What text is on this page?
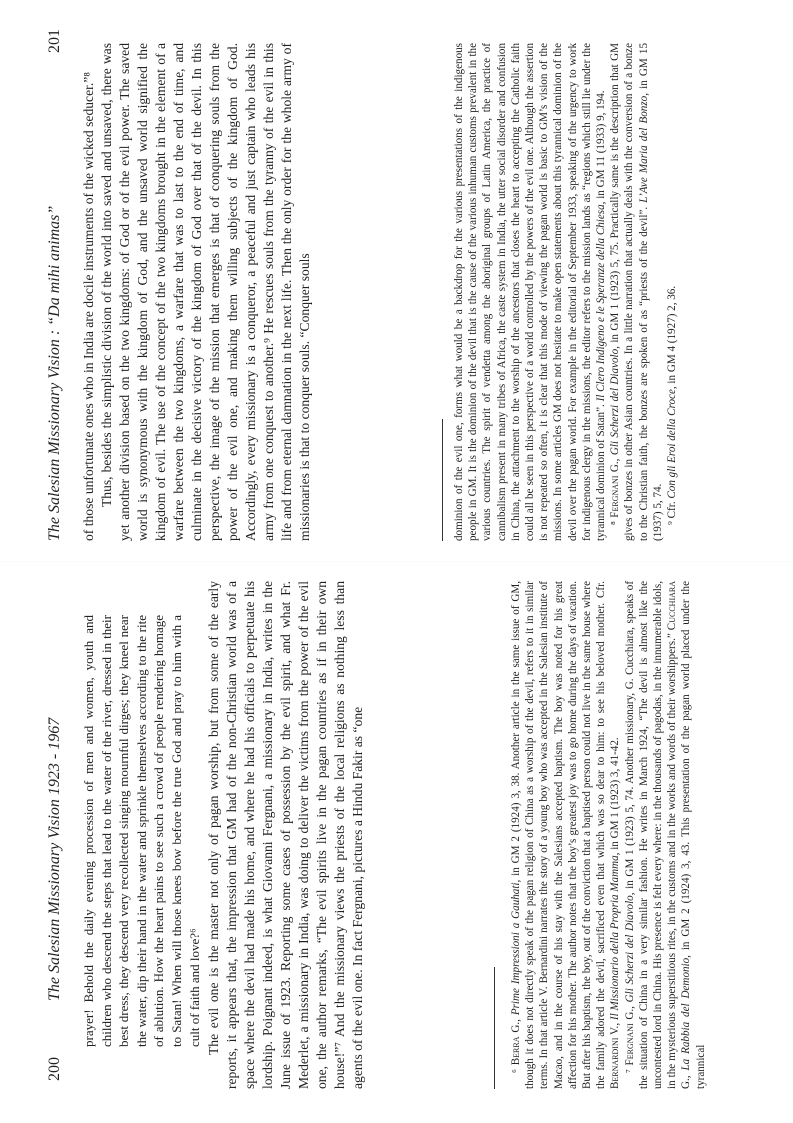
200
The Salesian Missionary Vision 1923 - 1967 prayer! Behold the daily evening procession of men and women, youth and children who descend the steps that lead to the water of the river, dressed in their best dress, they descend very recollected singing mournful dirges; they kneel near the water, dip their hand in the water and sprinkle themselves according to the rite of ablution. How the heart pains to see such a crowd of people rendering homage to Satan! When will those knees bow before the true God and pray to him with a cult of faith and love?⁶ The evil one is the master not only of pagan worship, but from some of the early reports, it appears that, the impression that GM had of the non-Christian world was of a space where the devil had made his home, and where he had his officials to perpetuate his lordship. Poignant indeed, is what Giovanni Fergnani, a missionary in India, writes in the June issue of 1923. Reporting some cases of possession by the evil spirit, and what Fr. Mederlet, a missionary in India, was doing to deliver the victims from the power of the evil one, the author remarks, “The evil spirits live in the pagan countries as if in their own house!”⁷ And the missionary views the priests of the local religions as nothing less than agents of the evil one. In fact Fergnani, pictures a Hindu Fakir as “one	⁶ Berra G., Prime Impressioni a Gauhati, in GM 2 (1924) 3, 38. Another article in the same issue of GM, though it does not directly speak of the pagan religion of China as a worship of the devil, refers to it in similar terms. In that article V. Bernardini narrates the story of a young boy who was accepted in the Salesian institute of Macao, and in the course of his stay with the Salesians accepted baptism. The boy was noted for his great affection for his mother. The author notes that the boy’s greatest joy was to go home during the days of vacation. But after his baptism, the boy, out of the conviction that a baptised person could not live in the same house where the family adored the devil, sacrificed even that which was so dear to him: to see his beloved mother. Cfr. Bernardini V., Il Missionario della Propria Mamma, in GM 1 (1923) 3, 41-42.

⁷ Fergnani G., Gli Scherzi del Diavolo, in GM 1 (1923) 5, 74. Another missionary, G. Cucchiara, speaks of the situation of China in a very similar fashion. He writes in March 1924, “The devil is almost like the uncontested lord in China. His presence is felt every where: in the thousands of pagodas, in the innumerable idols, in the mysterious superstitious rites, in the customs and in the works and words of their worshippers.” Cucchiara G., La Rabbia del Demonio, in GM 2 (1924) 3, 43. This presentation of the pagan world placed under the tyrannical

The Salesian Missionary Vision : “Da mihi animas”
201

of those unfortunate ones who in India are docile instruments of the wicked seducer.”⁸ Thus, besides the simplistic division of the world into saved and unsaved, there was yet another division based on the two kingdoms: of God or of the evil power. The saved world is synonymous with the kingdom of God, and the unsaved world signified the kingdom of evil. The use of the concept of the two kingdoms brought in the element of a warfare between the two kingdoms, a warfare that was to last to the end of time, and culminate in the decisive victory of the kingdom of God over that of the devil. In this perspective, the image of the mission that emerges is that of conquering souls from the power of the evil one, and making them willing subjects of the kingdom of God. Accordingly, every missionary is a conqueror, a peaceful and just captain who leads his army from one conquest to another.⁹ He rescues souls from the tyranny of the evil in this life and from eternal damnation in the next life. Then the only order for the whole army of missionaries is that to conquer souls. “Conquer souls	dominion of the evil one, forms what would be a backdrop for the various presentations of the indigenous people in GM. It is the dominion of the devil that is the cause of the various inhuman customs prevalent in the various countries. The spirit of vendetta among the aboriginal groups of Latin America, the practice of cannibalism present in many tribes of Africa, the caste system in India, the utter social disorder and confusion in China, the attachment to the worship of the ancestors that closes the heart to accepting the Catholic faith could all be seen in this perspective of a world controlled by the powers of the evil one. Although the assertion is not repeated so often, it is clear that this mode of viewing the pagan world is basic to GM’s vision of the missions. In some articles GM does not hesitate to make open statements about this tyrannical dominion of the devil over the pagan world. For example in the editorial of September 1933, speaking of the urgency to work for indigenous clergy in the missions, the editor refers to the mission lands as “regions which still lie under the tyrannical dominion of Satan”. Il Clero Indigeno e le Speranze della Chiesa, in GM 11 (1933) 9, 194.

⁸ Fergnani G., Gli Scherzi del Diavolo, in GM 1 (1923) 5, 75. Practically same is the description that GM gives of bonzes in other Asian countries. In a little narration that actually deals with the conversion of a bonze to the Christian faith, the bonzes are spoken of as “priests of the devil”. L’Ave Maria del Bonzo, in GM 15 (1937) 5, 74. ⁹ Cfr. Con gli Eroi della Croce, in GM 4 (1927) 2, 36.
